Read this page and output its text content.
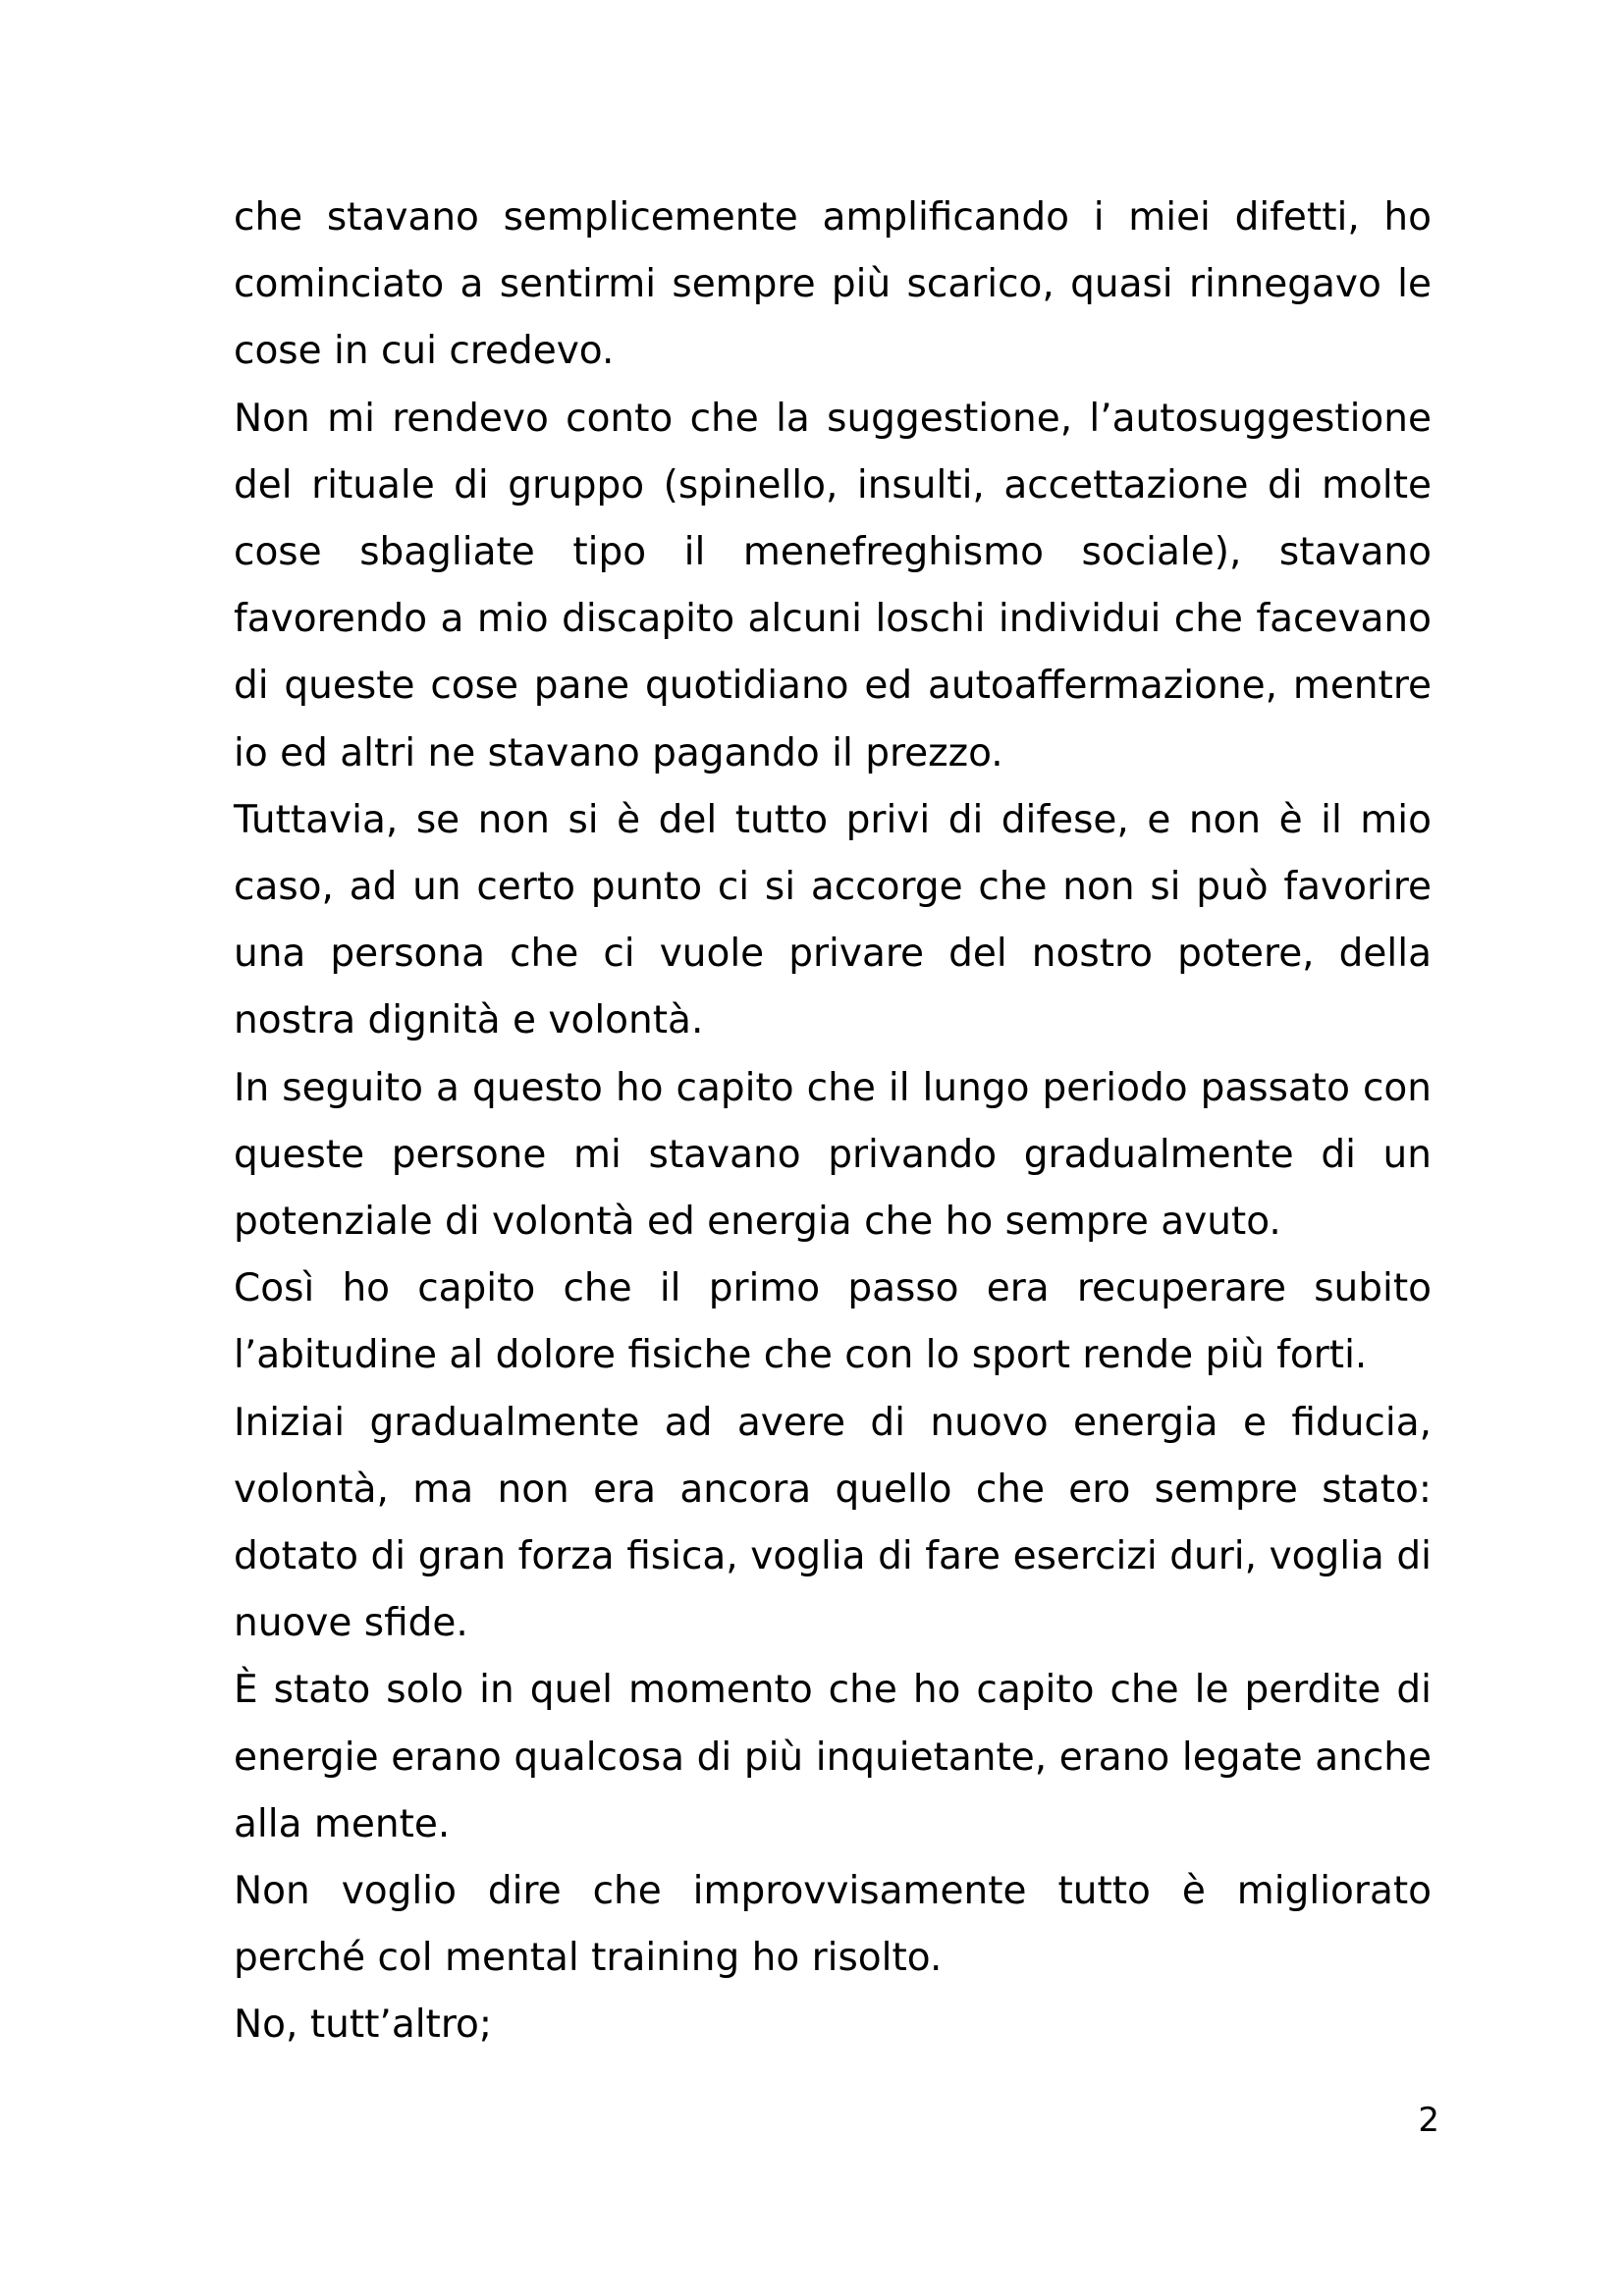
che stavano semplicemente amplificando i miei difetti, ho cominciato a sentirmi sempre più scarico, quasi rinnegavo le cose in cui credevo.

Non mi rendevo conto che la suggestione, l’autosuggestione del rituale di gruppo (spinello, insulti, accettazione di molte cose sbagliate tipo il menefreghismo sociale), stavano favorendo a mio discapito alcuni loschi individui che facevano di queste cose pane quotidiano ed autoaffermazione, mentre io ed altri ne stavano pagando il prezzo.

Tuttavia, se non si è del tutto privi di difese, e non è il mio caso, ad un certo punto ci si accorge che non si può favorire una persona che ci vuole privare del nostro potere, della nostra dignità e volontà.

In seguito a questo ho capito che il lungo periodo passato con queste persone mi stavano privando gradualmente di un potenziale di volontà ed energia che ho sempre avuto.

Così ho capito che il primo passo era recuperare subito l’abitudine al dolore fisiche che con lo sport rende più forti.

Iniziai gradualmente ad avere di nuovo energia e fiducia, volontà, ma non era ancora quello che ero sempre stato: dotato di gran forza fisica, voglia di fare esercizi duri, voglia di nuove sfide.

È stato solo in quel momento che ho capito che le perdite di energie erano qualcosa di più inquietante, erano legate anche alla mente.

Non voglio dire che improvvisamente tutto è migliorato perché col mental training ho risolto.

No, tutt’altro;

2
